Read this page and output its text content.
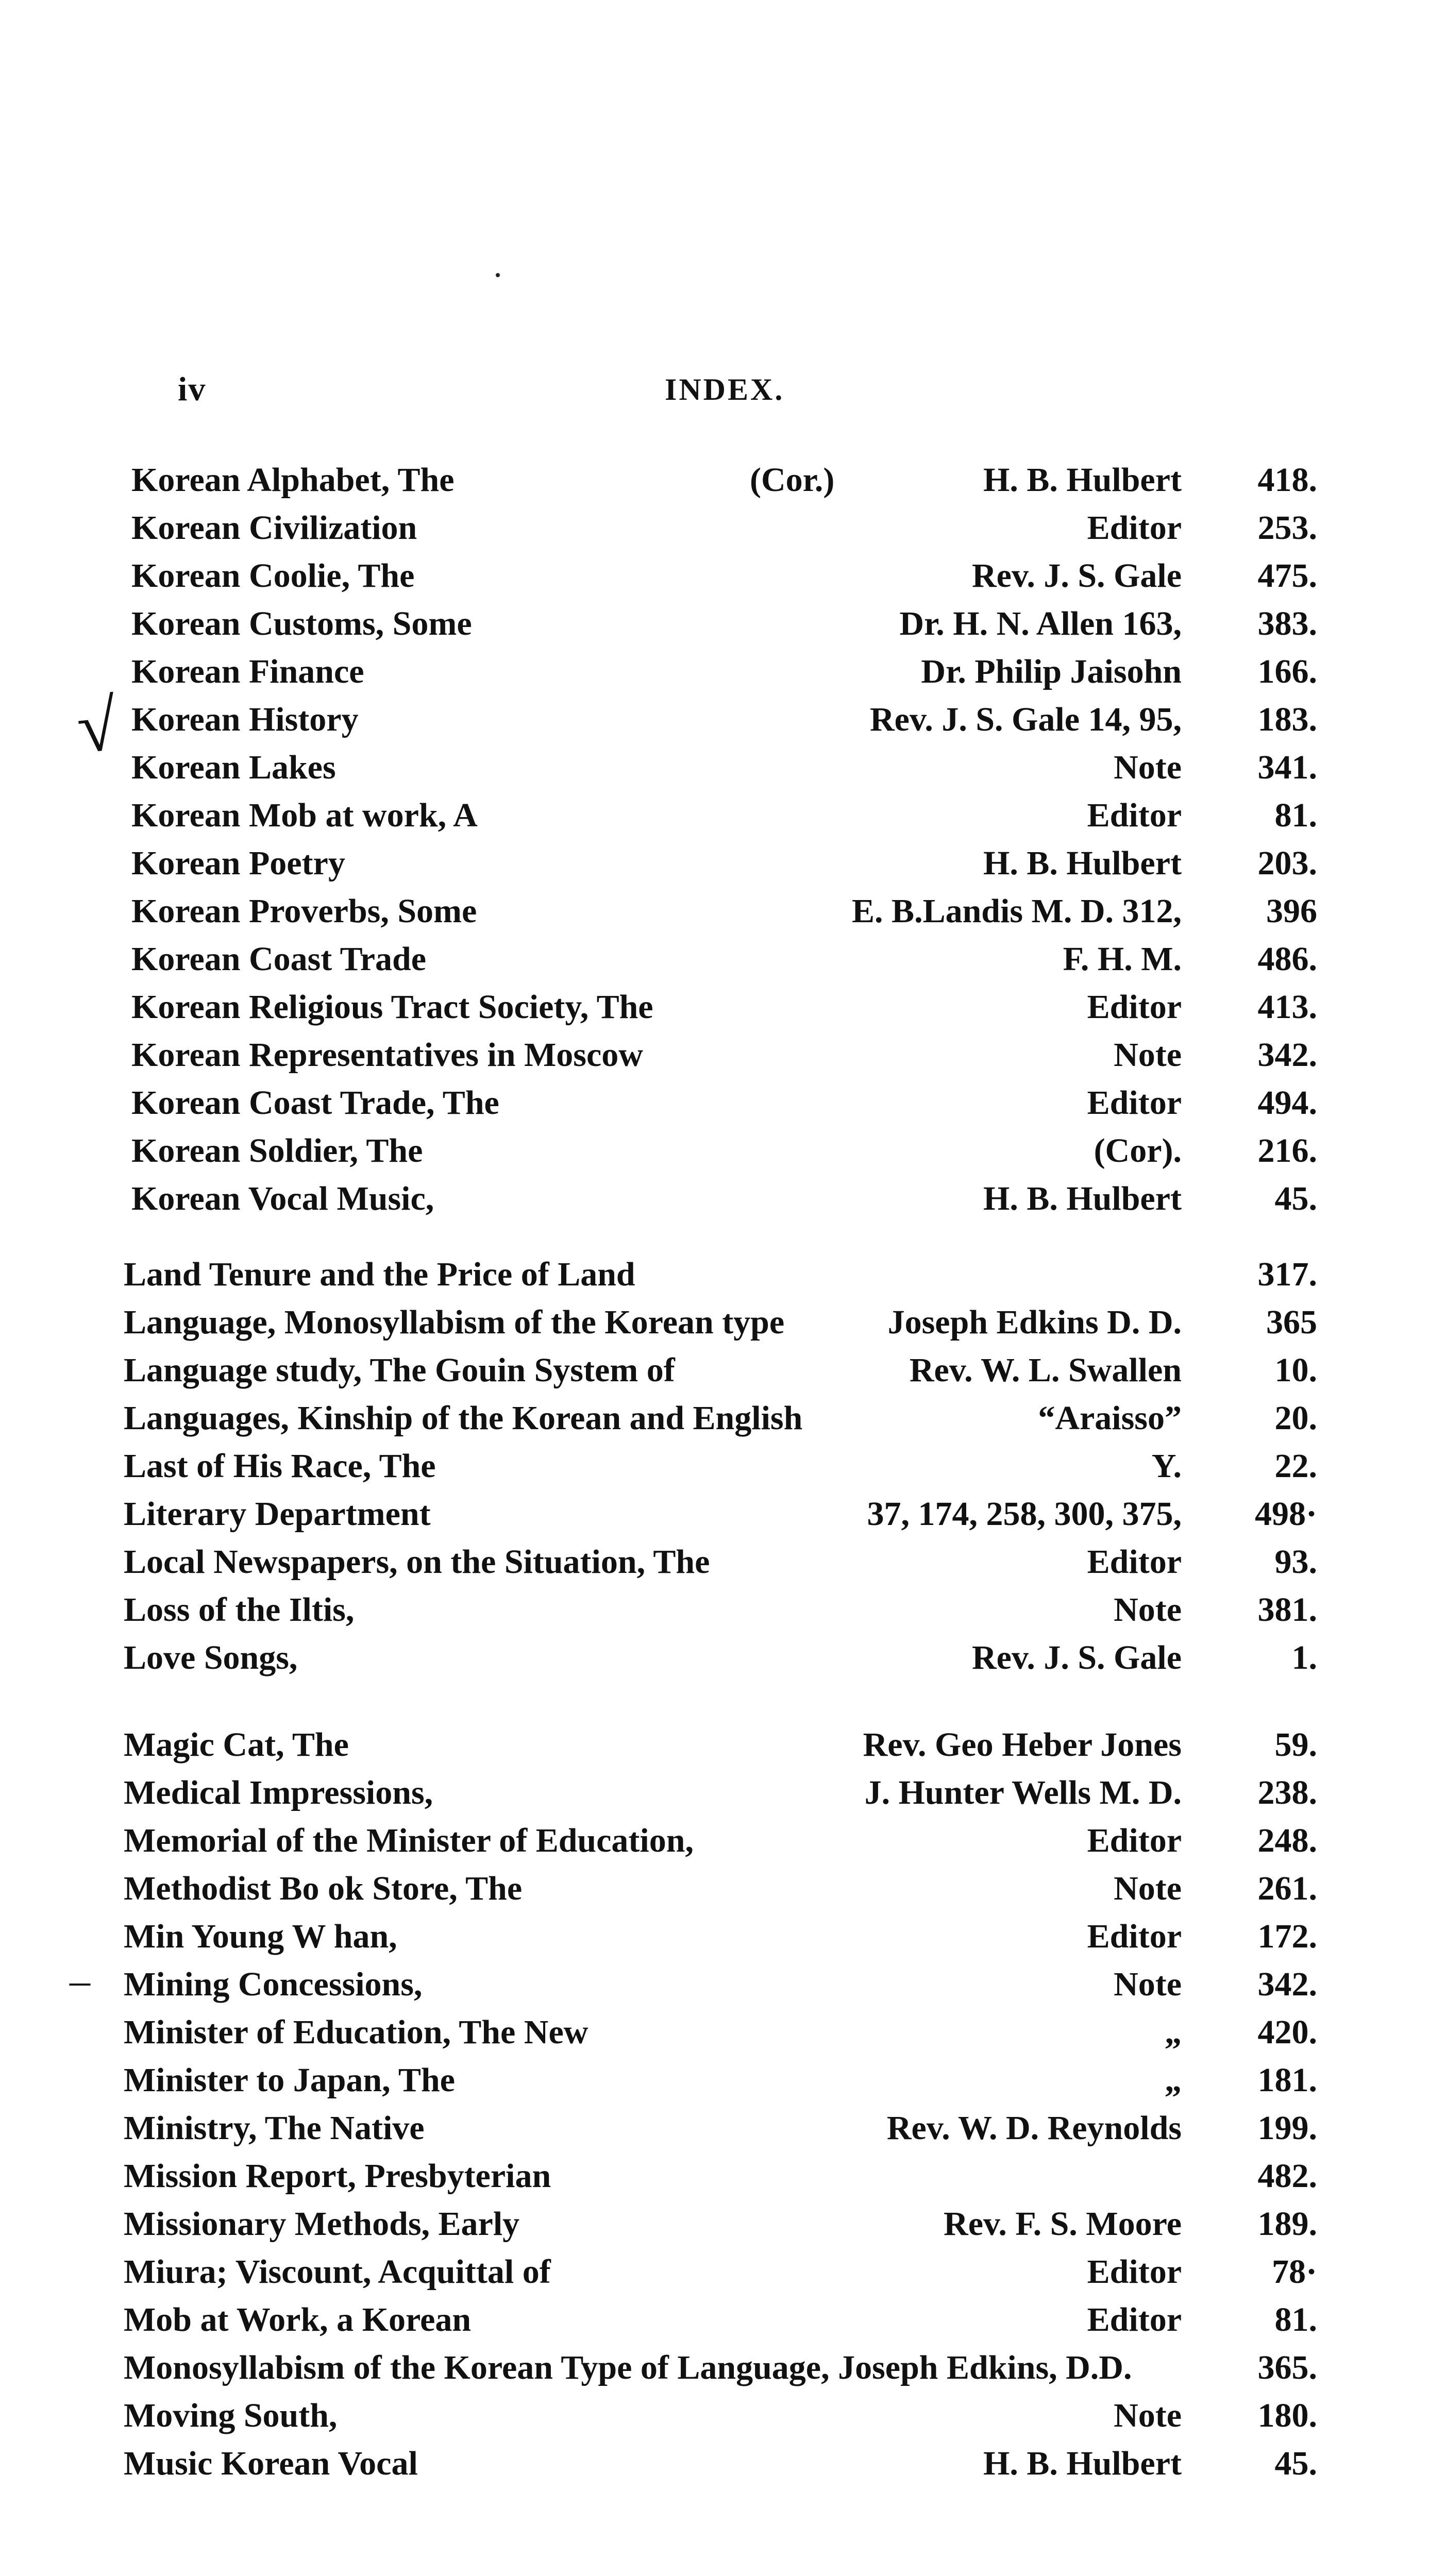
iv	INDEX.
√
–
Korean Alphabet, The	(Cor.)	H. B. Hulbert 418.
Korean Civilization	Editor 253.
Korean Coolie, The	Rev. J. S. Gale 475.
Korean Customs, Some	Dr. H. N. Allen 163, 383.
Korean Finance	Dr. Philip Jaisohn 166.
Korean History	Rev. J. S. Gale 14, 95, 183.
Korean Lakes	Note 341.
Korean Mob at work, A	Editor	81.
Korean Poetry	H. B. Hulbert 203.
Korean Proverbs, Some	E. B.Landis M. D. 312, 396
Korean Coast Trade	F. H. M. 486.
Korean Religious Tract Society, The	Editor 413.
Korean Representatives in Moscow	Note 342.
Korean Coast Trade, The	Editor 494.
Korean Soldier, The	(Cor). 216.
Korean Vocal Music,	H. B. Hulbert	45.
Land Tenure and the Price of Land	317.
Language, Monosyllabism of the Korean type	Joseph Edkins D. D. 365
Language study, The Gouin System of	Rev. W. L. Swallen	10.
Languages, Kinship of the Korean and English	“Araisso”	20.
Last of His Race, The	Y.	22.
Literary Department	37, 174, 258, 300, 375, 498·
Local Newspapers, on the Situation, The	Editor	93.
Loss of the Iltis,	Note 381.
Love Songs,	Rev. J. S. Gale	1.
Magic Cat, The	Rev. Geo Heber Jones	59.
Medical Impressions,	J. Hunter Wells M. D. 238.
Memorial of the Minister of Education,	Editor 248.
Methodist Bo ok Store, The	Note 261.
Min Young W han,	Editor 172.
Mining Concessions,	Note 342.
Minister of Education, The New	„ 420.
Minister to Japan, The	„ 181.
Ministry, The Native	Rev. W. D. Reynolds 199.
Mission Report, Presbyterian	482.
Missionary Methods, Early	Rev. F. S. Moore 189.
Miura; Viscount, Acquittal of	Editor	78·
Mob at Work, a Korean	Editor	81.
Monosyllabism of the Korean Type of Language, Joseph Edkins, D.D.	365.
Moving South,	Note 180.
Music Korean Vocal	H. B. Hulbert	45.
